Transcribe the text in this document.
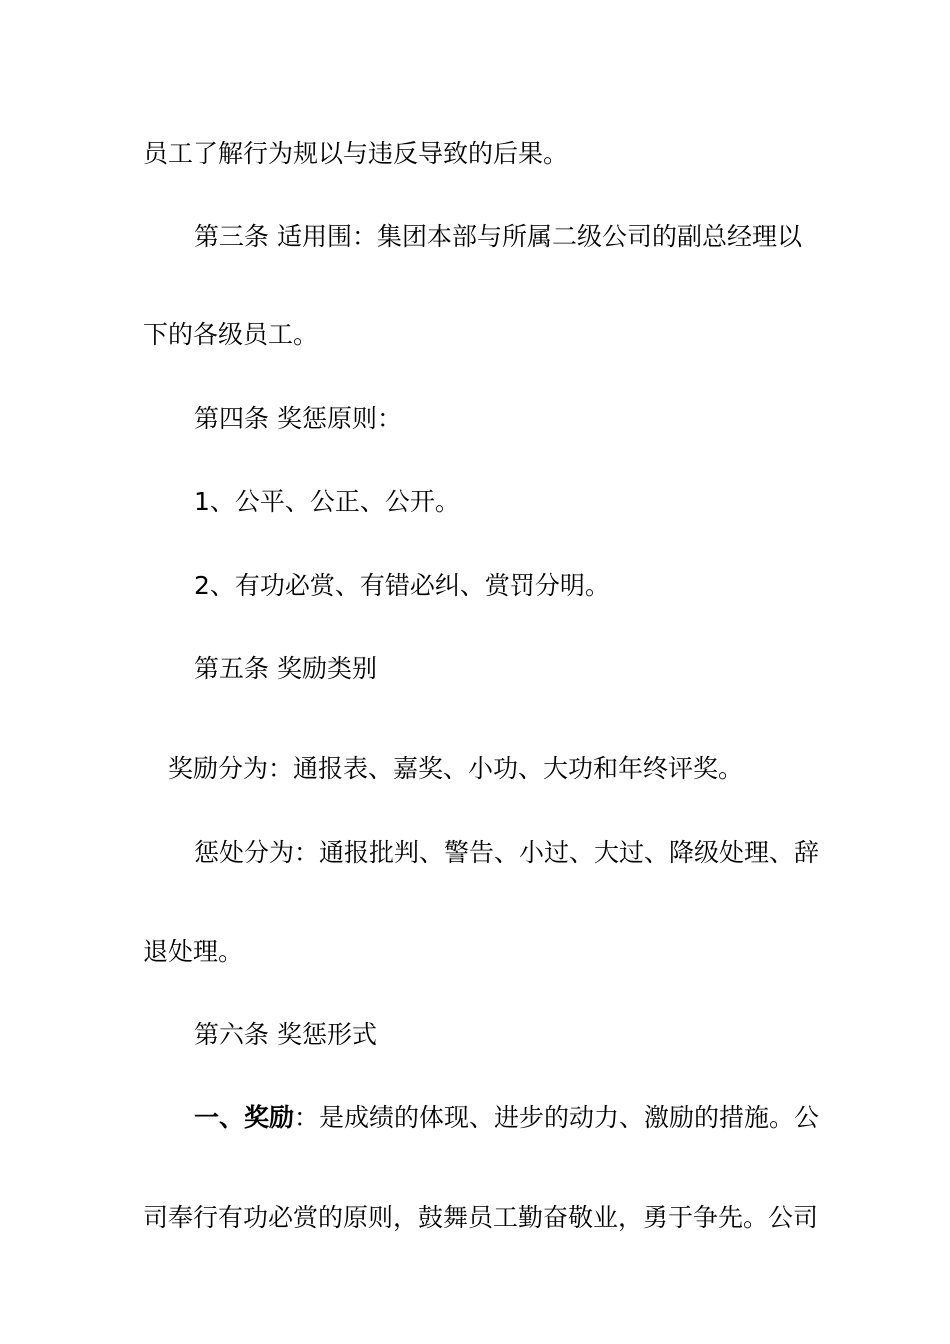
员工了解行为规以与违反导致的后果。
第三条 适用围：集团本部与所属二级公司的副总经理以
下的各级员工。
第四条 奖惩原则：
1、公平、公正、公开。
2、有功必赏、有错必纠、赏罚分明。
第五条 奖励类别
奖励分为：通报表、嘉奖、小功、大功和年终评奖。
惩处分为：通报批判、警告、小过、大过、降级处理、辞
退处理。
第六条 奖惩形式
一、奖励：是成绩的体现、进步的动力、激励的措施。公
司奉行有功必赏的原则，鼓舞员工勤奋敬业，勇于争先。公司
